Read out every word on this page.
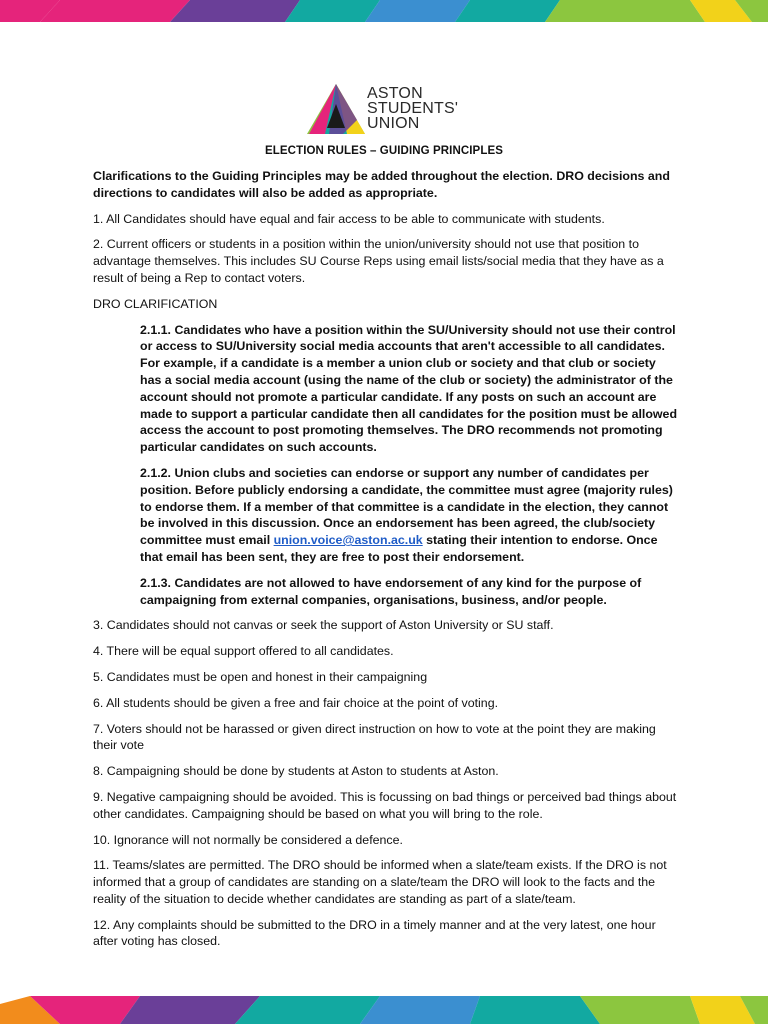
ASTON
STUDENTS'
UNION
ELECTION RULES – GUIDING PRINCIPLES

Clarifications to the Guiding Principles may be added throughout the election. DRO decisions and directions to candidates will also be added as appropriate.

1. All Candidates should have equal and fair access to be able to communicate with students.

2. Current officers or students in a position within the union/university should not use that position to advantage themselves. This includes SU Course Reps using email lists/social media that they have as a result of being a Rep to contact voters.

DRO CLARIFICATION

2.1.1. Candidates who have a position within the SU/University should not use their control or access to SU/University social media accounts that aren't accessible to all candidates. For example, if a candidate is a member a union club or society and that club or society has a social media account (using the name of the club or society) the administrator of the account should not promote a particular candidate. If any posts on such an account are made to support a particular candidate then all candidates for the position must be allowed access the account to post promoting themselves. The DRO recommends not promoting particular candidates on such accounts.

2.1.2. Union clubs and societies can endorse or support any number of candidates per position. Before publicly endorsing a candidate, the committee must agree (majority rules) to endorse them. If a member of that committee is a candidate in the election, they cannot be involved in this discussion. Once an endorsement has been agreed, the club/society committee must email union.voice@aston.ac.uk stating their intention to endorse. Once that email has been sent, they are free to post their endorsement.

2.1.3. Candidates are not allowed to have endorsement of any kind for the purpose of campaigning from external companies, organisations, business, and/or people.

3. Candidates should not canvas or seek the support of Aston University or SU staff.

4. There will be equal support offered to all candidates.

5. Candidates must be open and honest in their campaigning

6. All students should be given a free and fair choice at the point of voting.

7. Voters should not be harassed or given direct instruction on how to vote at the point they are making their vote

8. Campaigning should be done by students at Aston to students at Aston.

9. Negative campaigning should be avoided. This is focussing on bad things or perceived bad things about other candidates. Campaigning should be based on what you will bring to the role.

10. Ignorance will not normally be considered a defence.

11. Teams/slates are permitted. The DRO should be informed when a slate/team exists. If the DRO is not informed that a group of candidates are standing on a slate/team the DRO will look to the facts and the reality of the situation to decide whether candidates are standing as part of a slate/team.

12. Any complaints should be submitted to the DRO in a timely manner and at the very latest, one hour after voting has closed.
